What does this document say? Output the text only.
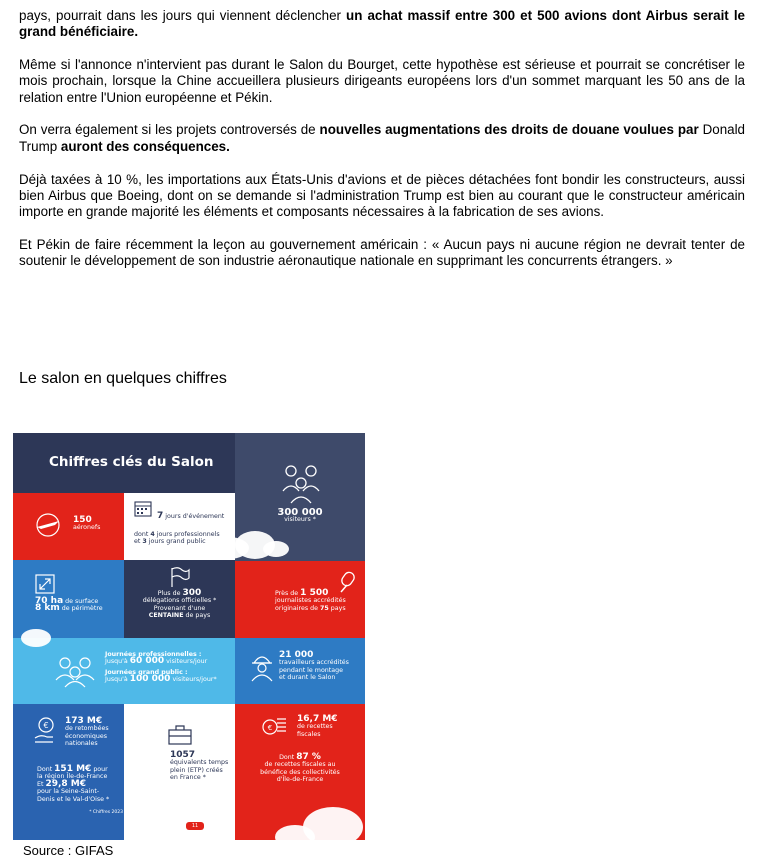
pays, pourrait dans les jours qui viennent déclencher un achat massif entre 300 et 500 avions dont Airbus serait le grand bénéficiaire.

Même si l'annonce n'intervient pas durant le Salon du Bourget, cette hypothèse est sérieuse et pourrait se concrétiser le mois prochain, lorsque la Chine accueillera plusieurs dirigeants européens lors d'un sommet marquant les 50 ans de la relation entre l'Union européenne et Pékin.

On verra également si les projets controversés de nouvelles augmentations des droits de douane voulues par Donald Trump auront des conséquences.

Déjà taxées à 10 %, les importations aux États-Unis d'avions et de pièces détachées font bondir les constructeurs, aussi bien Airbus que Boeing, dont on se demande si l'administration Trump est bien au courant que le constructeur américain importe en grande majorité les éléments et composants nécessaires à la fabrication de ses avions.

Et Pékin de faire récemment la leçon au gouvernement américain : « Aucun pays ni aucune région ne devrait tenter de soutenir le développement de son industrie aéronautique nationale en supprimant les concurrents étrangers. »

Le salon en quelques chiffres
Chiffres clés du Salon
300 000
visiteurs *
150
aéronefs
7 jours d'événement
dont 4 jours professionnels
et 3 jours grand public
70 ha de surface
8 km de périmètre
Plus de 300
délégations officielles *
Provenant d'une
CENTAINE de pays
Près de 1 500
journalistes accrédités
originaires de 75 pays
Journées professionnelles :
Jusqu'à 60 000 visiteurs/jour
Journées grand public :
Jusqu'à 100 000 visiteurs/jour*
21 000
travailleurs accrédités
pendant le montage
et durant le Salon
€ 173 M€
de retombées
économiques
nationales
Dont 151 M€ pour
la région Île-de-France
Et 29,8 M€
pour la Seine-Saint-
Denis et le Val-d'Oise *
* Chiffres 2023
1057
équivalents temps
plein (ETP) créés
en France *
11
€
16,7 M€
de recettes
fiscales
Dont 87 %
de recettes fiscales au
bénéfice des collectivités
d'Île-de-France
Source : GIFAS
